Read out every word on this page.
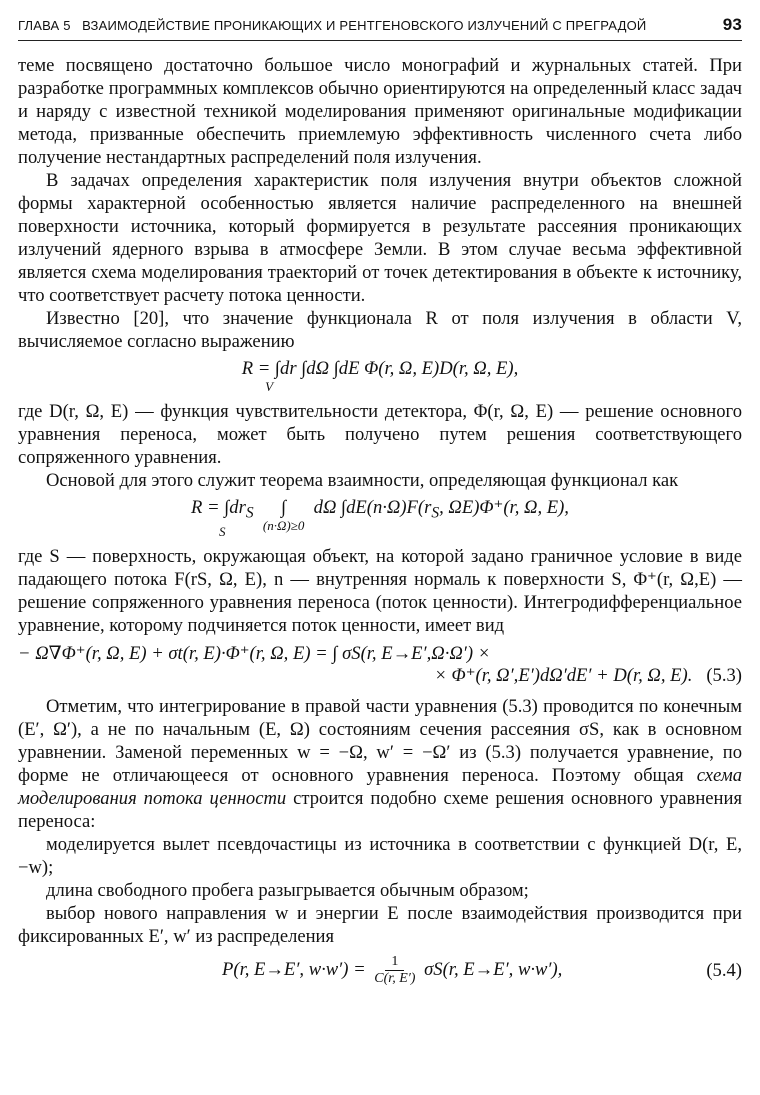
ГЛАВА 5 ВЗАИМОДЕЙСТВИЕ ПРОНИКАЮЩИХ И РЕНТГЕНОВСКОГО ИЗЛУЧЕНИЙ С ПРЕГРАДОЙ	93

теме посвящено достаточно большое число монографий и журнальных статей. При разработке программных комплексов обычно ориентируются на определенный класс задач и наряду с известной техникой моделирования применяют оригинальные модификации метода, призванные обеспечить приемлемую эффективность численного счета либо получение нестандартных распределений поля излучения.

В задачах определения характеристик поля излучения внутри объектов сложной формы характерной особенностью является наличие распределенного на внешней поверхности источника, который формируется в результате рассеяния проникающих излучений ядерного взрыва в атмосфере Земли. В этом случае весьма эффективной является схема моделирования траекторий от точек детектирования в объекте к источнику, что соответствует расчету потока ценности.

Известно [20], что значение функционала R от поля излучения в области V, вычисляемое согласно выражению

R = ∫dr
V
∫dΩ ∫dE Φ(r, Ω, E)D(r, Ω, E),

где D(r, Ω, E) — функция чувствительности детектора, Φ(r, Ω, E) — решение основного уравнения переноса, может быть получено путем решения соответствующего сопряженного уравнения.

Основой для этого служит теорема взаимности, определяющая функционал как

$R = \int dr_S$
S
∫
(n·Ω)≥0
dΩ $\int dE(n\cdot\Omega)F(r_S$, ΩE)Φ⁺(r, Ω, E),

где S — поверхность, окружающая объект, на которой задано граничное условие в виде падающего потока F(rS, Ω, E), n — внутренняя нормаль к поверхности S, Φ⁺(r, Ω,E) — решение сопряженного уравнения переноса (поток ценности). Интегродифференциальное уравнение, которому подчиняется поток ценности, имеет вид

− Ω∇Φ⁺(r, Ω, E) + σt(r, E)·Φ⁺(r, Ω, E) = ∫ σS(r, E→E′,Ω·Ω′) ×
× Φ⁺(r, Ω′,E′)dΩ′dE′ + D(r, Ω, E). (5.3)

Отметим, что интегрирование в правой части уравнения (5.3) проводится по конечным (E′, Ω′), а не по начальным (E, Ω) состояниям сечения рассеяния σS, как в основном уравнении. Заменой переменных w = −Ω, w′ = −Ω′ из (5.3) получается уравнение, по форме не отличающееся от основного уравнения переноса. Поэтому общая схема моделирования потока ценности строится подобно схеме решения основного уравнения переноса:

моделируется вылет псевдочастицы из источника в соответствии с функцией D(r, E,−w);

длина свободного пробега разыгрывается обычным образом;

выбор нового направления w и энергии E после взаимодействия производится при фиксированных E′, w′ из распределения

P(r, E→E′, $w\cdot w') = \frac{1}{C(r, E')} \sigma S(r$, E→E′, w·w′),	(5.4)
